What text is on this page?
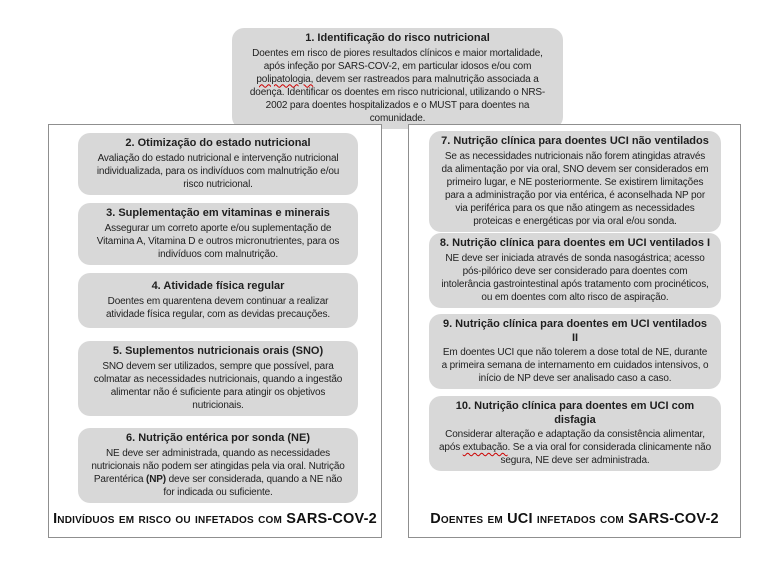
1. Identificação do risco nutricional

Doentes em risco de piores resultados clínicos e maior mortalidade, após infeção por SARS-COV-2, em particular idosos e/ou com polipatologia, devem ser rastreados para malnutrição associada a doença. Identificar os doentes em risco nutricional, utilizando o NRS-2002 para doentes hospitalizados e o MUST para doentes na comunidade.

2. Otimização do estado nutricional

Avaliação do estado nutricional e intervenção nutricional individualizada, para os indivíduos com malnutrição e/ou risco nutricional.

3. Suplementação em vitaminas e minerais

Assegurar um correto aporte e/ou suplementação de Vitamina A, Vitamina D e outros micronutrientes, para os indivíduos com malnutrição.

4. Atividade física regular

Doentes em quarentena devem continuar a realizar atividade física regular, com as devidas precauções.

5. Suplementos nutricionais orais (SNO)

SNO devem ser utilizados, sempre que possível, para colmatar as necessidades nutricionais, quando a ingestão alimentar não é suficiente para atingir os objetivos nutricionais.

6. Nutrição entérica por sonda (NE)

NE deve ser administrada, quando as necessidades nutricionais não podem ser atingidas pela via oral. Nutrição Parentérica (NP) deve ser considerada, quando a NE não for indicada ou suficiente.

Indivíduos em risco ou infetados com SARS-COV-2
7. Nutrição clínica para doentes UCI não ventilados

Se as necessidades nutricionais não forem atingidas através da alimentação por via oral, SNO devem ser considerados em primeiro lugar, e NE posteriormente. Se existirem limitações para a administração por via entérica, é aconselhada NP por via periférica para os que não atingem as necessidades proteicas e energéticas por via oral e/ou sonda.

8. Nutrição clínica para doentes em UCI ventilados I

NE deve ser iniciada através de sonda nasogástrica; acesso pós-pilórico deve ser considerado para doentes com intolerância gastrointestinal após tratamento com procinéticos, ou em doentes com alto risco de aspiração.

9. Nutrição clínica para doentes em UCI ventilados II

Em doentes UCI que não tolerem a dose total de NE, durante a primeira semana de internamento em cuidados intensivos, o início de NP deve ser analisado caso a caso.

10. Nutrição clínica para doentes em UCI com disfagia

Considerar alteração e adaptação da consistência alimentar, após extubação. Se a via oral for considerada clinicamente não segura, NE deve ser administrada.

Doentes em UCI infetados com SARS-COV-2
